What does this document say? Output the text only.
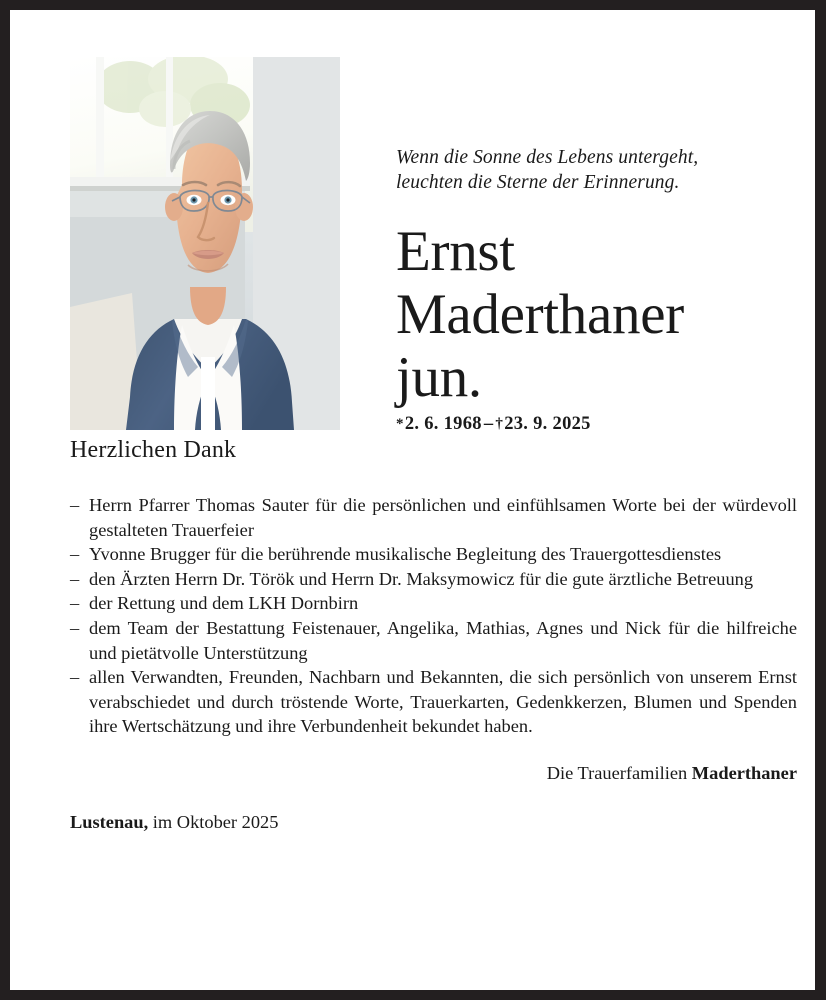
Wenn die Sonne des Lebens untergeht,
leuchten die Sterne der Erinnerung.
Ernst
Maderthaner
jun.
*2. 6. 1968 – †23. 9. 2025
Herzlichen Dank
– Herrn Pfarrer Thomas Sauter für die persönlichen und einfühlsamen Worte bei der würdevoll gestalteten Trauerfeier
– Yvonne Brugger für die berührende musikalische Begleitung des Trauergottesdienstes
– den Ärzten Herrn Dr. Török und Herrn Dr. Maksymowicz für die gute ärztliche Betreuung
– der Rettung und dem LKH Dornbirn
– dem Team der Bestattung Feistenauer, Angelika, Mathias, Agnes und Nick für die hilfreiche und pietätvolle Unterstützung
– allen Verwandten, Freunden, Nachbarn und Bekannten, die sich persönlich von unserem Ernst verabschiedet und durch tröstende Worte, Trauerkarten, Gedenkkerzen, Blumen und Spenden ihre Wertschätzung und ihre Verbundenheit bekundet haben.
Die Trauerfamilien Maderthaner
Lustenau, im Oktober 2025
